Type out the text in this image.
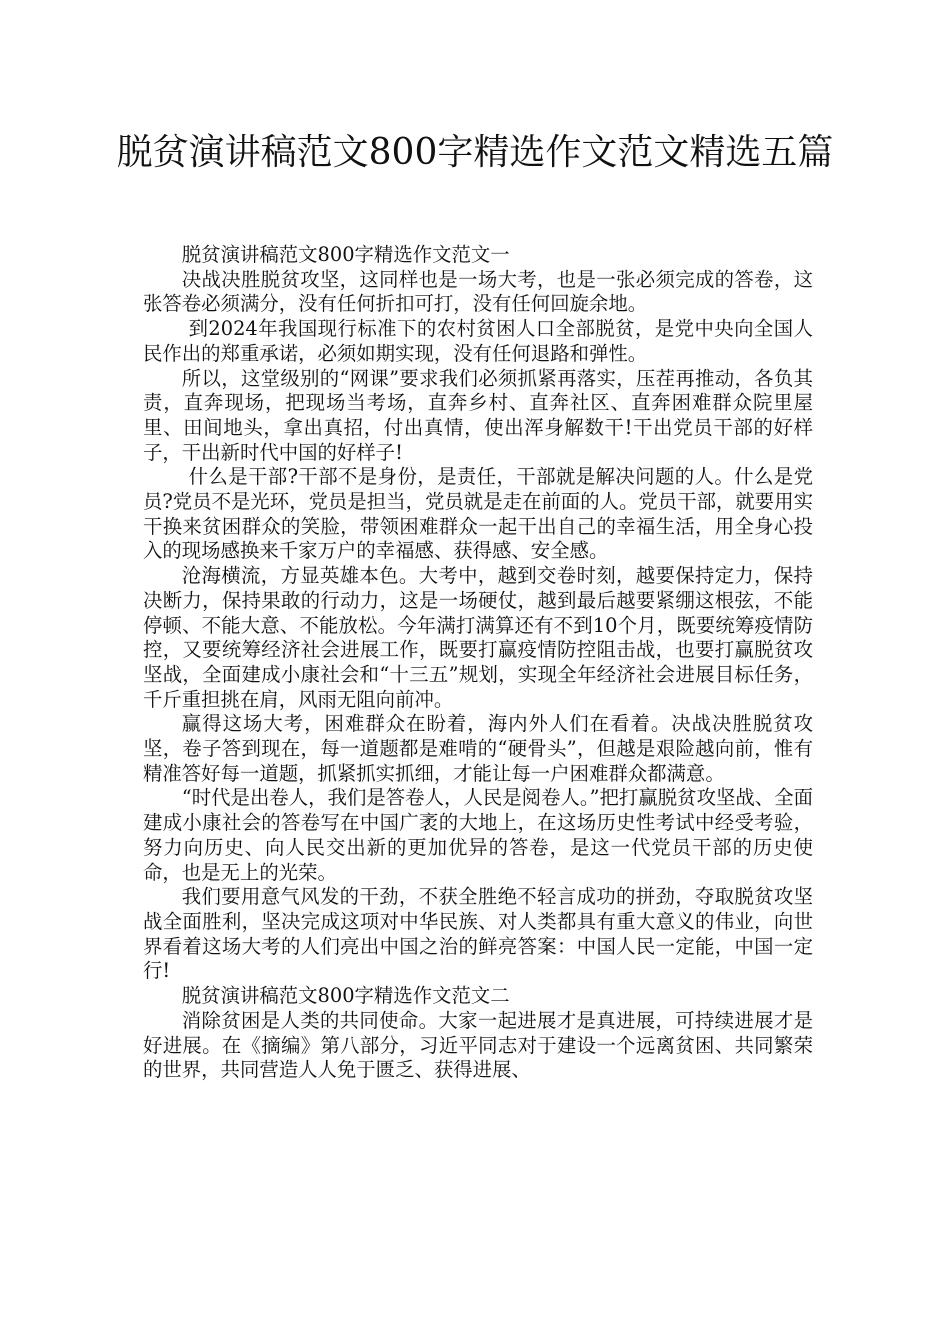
脱贫演讲稿范文800字精选作文范文精选五篇

脱贫演讲稿范文800字精选作文范文一

决战决胜脱贫攻坚，这同样也是一场大考，也是一张必须完成的答卷，这张答卷必须满分，没有任何折扣可打，没有任何回旋余地。

到2024年我国现行标准下的农村贫困人口全部脱贫，是党中央向全国人民作出的郑重承诺，必须如期实现，没有任何退路和弹性。

所以，这堂级别的“网课”要求我们必须抓紧再落实，压茬再推动，各负其责，直奔现场，把现场当考场，直奔乡村、直奔社区、直奔困难群众院里屋里、田间地头，拿出真招，付出真情，使出浑身解数干!干出党员干部的好样子，干出新时代中国的好样子!

什么是干部?干部不是身份，是责任，干部就是解决问题的人。什么是党员?党员不是光环，党员是担当，党员就是走在前面的人。党员干部，就要用实干换来贫困群众的笑脸，带领困难群众一起干出自己的幸福生活，用全身心投入的现场感换来千家万户的幸福感、获得感、安全感。

沧海横流，方显英雄本色。大考中，越到交卷时刻，越要保持定力，保持决断力，保持果敢的行动力，这是一场硬仗，越到最后越要紧绷这根弦，不能停顿、不能大意、不能放松。今年满打满算还有不到10个月，既要统筹疫情防控，又要统筹经济社会进展工作，既要打赢疫情防控阻击战，也要打赢脱贫攻坚战，全面建成小康社会和“十三五”规划，实现全年经济社会进展目标任务，千斤重担挑在肩，风雨无阻向前冲。

赢得这场大考，困难群众在盼着，海内外人们在看着。决战决胜脱贫攻坚，卷子答到现在，每一道题都是难啃的“硬骨头”，但越是艰险越向前，惟有精准答好每一道题，抓紧抓实抓细，才能让每一户困难群众都满意。

“时代是出卷人，我们是答卷人，人民是阅卷人。”把打赢脱贫攻坚战、全面建成小康社会的答卷写在中国广袤的大地上，在这场历史性考试中经受考验，努力向历史、向人民交出新的更加优异的答卷，是这一代党员干部的历史使命，也是无上的光荣。

我们要用意气风发的干劲，不获全胜绝不轻言成功的拼劲，夺取脱贫攻坚战全面胜利，坚决完成这项对中华民族、对人类都具有重大意义的伟业，向世界看着这场大考的人们亮出中国之治的鲜亮答案：中国人民一定能，中国一定行!

脱贫演讲稿范文800字精选作文范文二

消除贫困是人类的共同使命。大家一起进展才是真进展，可持续进展才是好进展。在《摘编》第八部分，习近平同志对于建设一个远离贫困、共同繁荣的世界，共同营造人人免于匮乏、获得进展、
